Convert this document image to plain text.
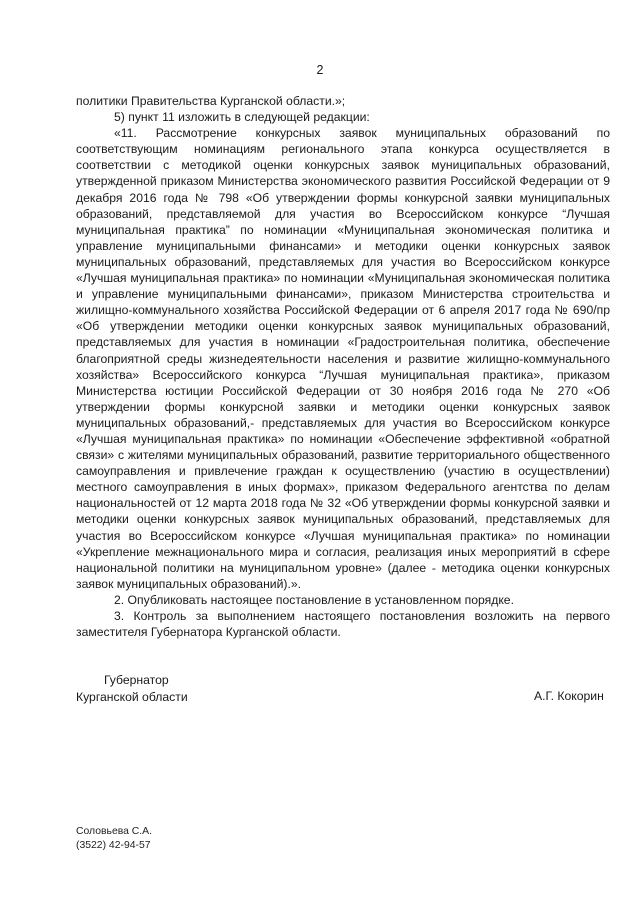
2

политики Правительства Курганской области.»;

5) пункт 11 изложить в следующей редакции:

«11. Рассмотрение конкурсных заявок муниципальных образований по соответствующим номинациям регионального этапа конкурса осуществляется в соответствии с методикой оценки конкурсных заявок муниципальных образований, утвержденной приказом Министерства экономического развития Российской Федерации от 9 декабря 2016 года № 798 «Об утверждении формы конкурсной заявки муниципальных образований, представляемой для участия во Всероссийском конкурсе “Лучшая муниципальная практика” по номинации «Муниципальная экономическая политика и управление муниципальными финансами» и методики оценки конкурсных заявок муниципальных образований, представляемых для участия во Всероссийском конкурсе «Лучшая муниципальная практика» по номинации «Муниципальная экономическая политика и управление муниципальными финансами», приказом Министерства строительства и жилищно-коммунального хозяйства Российской Федерации от 6 апреля 2017 года № 690/пр «Об утверждении методики оценки конкурсных заявок муниципальных образований, представляемых для участия в номинации «Градостроительная политика, обеспечение благоприятной среды жизнедеятельности населения и развитие жилищно-коммунального хозяйства» Всероссийского конкурса “Лучшая муниципальная практика», приказом Министерства юстиции Российской Федерации от 30 ноября 2016 года № 270 «Об утверждении формы конкурсной заявки и методики оценки конкурсных заявок муниципальных образований,- представляемых для участия во Всероссийском конкурсе «Лучшая муниципальная практика» по номинации «Обеспечение эффективной «обратной связи» с жителями муниципальных образований, развитие территориального общественного самоуправления и привлечение граждан к осуществлению (участию в осуществлении) местного самоуправления в иных формах», приказом Федерального агентства по делам национальностей от 12 марта 2018 года № 32 «Об утверждении формы конкурсной заявки и методики оценки конкурсных заявок муниципальных образований, представляемых для участия во Всероссийском конкурсе «Лучшая муниципальная практика» по номинации «Укрепление межнационального мира и согласия, реализация иных мероприятий в сфере национальной политики на муниципальном уровне» (далее - методика оценки конкурсных заявок муниципальных образований).».

2. Опубликовать настоящее постановление в установленном порядке.

3. Контроль за выполнением настоящего постановления возложить на первого заместителя Губернатора Курганской области.

Губернатор
Курганской области	А.Г. Кокорин
Соловьева С.А.
(3522) 42-94-57
